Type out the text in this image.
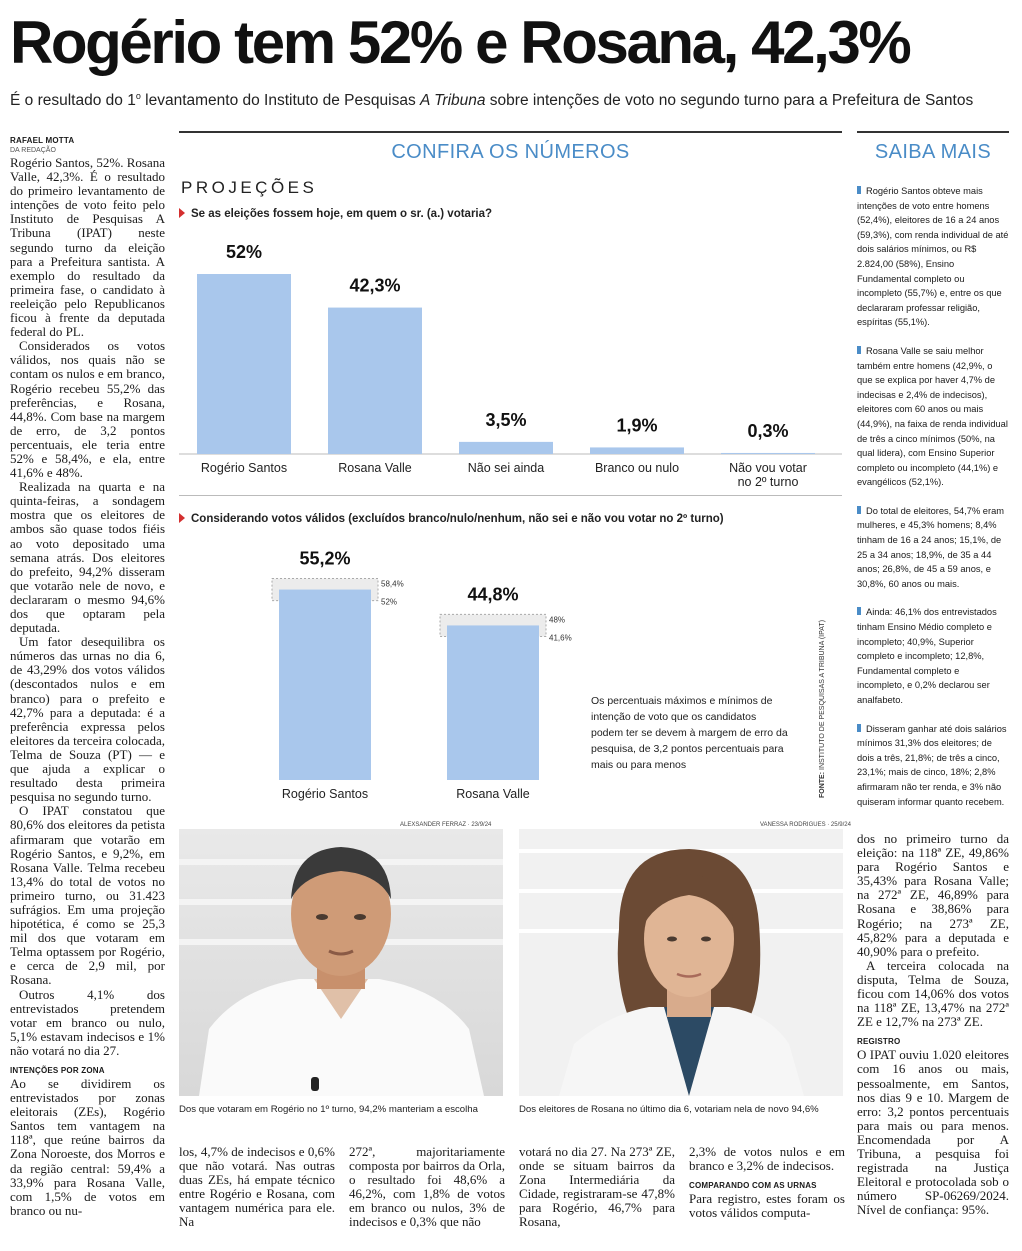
Rogério tem 52% e Rosana, 42,3%
É o resultado do 1$^o$ levantamento do Instituto de Pesquisas A Tribuna sobre intenções de voto no segundo turno para a Prefeitura de Santos
RAFAEL MOTTA
DA REDAÇÃO

Rogério Santos, 52%. Rosana Valle, 42,3%. É o resultado do primeiro levantamento de intenções de voto feito pelo Instituto de Pesquisas A Tribuna (IPAT) neste segundo turno da eleição para a Prefeitura santista. A exemplo do resultado da primeira fase, o candidato à reeleição pelo Republicanos ficou à frente da deputada federal do PL.

Considerados os votos válidos, nos quais não se contam os nulos e em branco, Rogério recebeu 55,2% das preferências, e Rosana, 44,8%. Com base na margem de erro, de 3,2 pontos percentuais, ele teria entre 52% e 58,4%, e ela, entre 41,6% e 48%.

Realizada na quarta e na quinta-feiras, a sondagem mostra que os eleitores de ambos são quase todos fiéis ao voto depositado uma semana atrás. Dos eleitores do prefeito, 94,2% disseram que votarão nele de novo, e declararam o mesmo 94,6% dos que optaram pela deputada.

Um fator desequilibra os números das urnas no dia 6, de 43,29% dos votos válidos (descontados nulos e em branco) para o prefeito e 42,7% para a deputada: é a preferência expressa pelos eleitores da terceira colocada, Telma de Souza (PT) — e que ajuda a explicar o resultado desta primeira pesquisa no segundo turno.

O IPAT constatou que 80,6% dos eleitores da petista afirmaram que votarão em Rogério Santos, e 9,2%, em Rosana Valle. Telma recebeu 13,4% do total de votos no primeiro turno, ou 31.423 sufrágios. Em uma projeção hipotética, é como se 25,3 mil dos que votaram em Telma optassem por Rogério, e cerca de 2,9 mil, por Rosana.

Outros 4,1% dos entrevistados pretendem votar em branco ou nulo, 5,1% estavam indecisos e 1% não votará no dia 27.

INTENÇÕES POR ZONA

Ao se dividirem os entrevistados por zonas eleitorais (ZEs), Rogério Santos tem vantagem na 118ª, que reúne bairros da Zona Noroeste, dos Morros e da região central: 59,4% a 33,9% para Rosana Valle, com 1,5% de votos em branco ou nu-

CONFIRA OS NÚMEROS
PROJEÇÕES
Se as eleições fossem hoje, em quem o sr. (a.) votaria?
52%
Rogério Santos
42,3%
Rosana Valle
3,5%
Não sei ainda
1,9%
Branco ou nulo
0,3%
Não vou votar
no 2º turno
Considerando votos válidos (excluídos branco/nulo/nenhum, não sei e não vou votar no 2º turno)
55,2%
58,4%
52%
Rogério Santos
44,8%
48%
41,6%
Rosana Valle
Os percentuais máximos e mínimos de intenção de voto que os candidatos podem ter se devem à margem de erro da pesquisa, de 3,2 pontos percentuais para mais ou para menos
FONTE: INSTITUTO DE PESQUISAS A TRIBUNA (IPAT)
SAIBA MAIS
Rogério Santos obteve mais intenções de voto entre homens (52,4%), eleitores de 16 a 24 anos (59,3%), com renda individual de até dois salários mínimos, ou R$ 2.824,00 (58%), Ensino Fundamental completo ou incompleto (55,7%) e, entre os que declararam professar religião, espíritas (55,1%).
Rosana Valle se saiu melhor também entre homens (42,9%, o que se explica por haver 4,7% de indecisas e 2,4% de indecisos), eleitores com 60 anos ou mais (44,9%), na faixa de renda individual de três a cinco mínimos (50%, na qual lidera), com Ensino Superior completo ou incompleto (44,1%) e evangélicos (52,1%).
Do total de eleitores, 54,7% eram mulheres, e 45,3% homens; 8,4% tinham de 16 a 24 anos; 15,1%, de 25 a 34 anos; 18,9%, de 35 a 44 anos; 26,8%, de 45 a 59 anos, e 30,8%, 60 anos ou mais.
Ainda: 46,1% dos entrevistados tinham Ensino Médio completo e incompleto; 40,9%, Superior completo e incompleto; 12,8%, Fundamental completo e incompleto, e 0,2% declarou ser analfabeto.
Disseram ganhar até dois salários mínimos 31,3% dos eleitores; de dois a três, 21,8%; de três a cinco, 23,1%; mais de cinco, 18%; 2,8% afirmaram não ter renda, e 3% não quiseram informar quanto recebem.

dos no primeiro turno da eleição: na 118ª ZE, 49,86% para Rogério Santos e 35,43% para Rosana Valle; na 272ª ZE, 46,89% para Rosana e 38,86% para Rogério; na 273ª ZE, 45,82% para a deputada e 40,90% para o prefeito.

A terceira colocada na disputa, Telma de Souza, ficou com 14,06% dos votos na 118ª ZE, 13,47% na 272ª ZE e 12,7% na 273ª ZE.

REGISTRO

O IPAT ouviu 1.020 eleitores com 16 anos ou mais, pessoalmente, em Santos, nos dias 9 e 10. Margem de erro: 3,2 pontos percentuais para mais ou para menos. Encomendada por A Tribuna, a pesquisa foi registrada na Justiça Eleitoral e protocolada sob o número SP-06269/2024. Nível de confiança: 95%.

ALEXSANDER FERRAZ · 23/9/24	VANESSA RODRIGUES · 25/9/24
Dos que votaram em Rogério no 1º turno, 94,2% manteriam a escolha	Dos eleitores de Rosana no último dia 6, votariam nela de novo 94,6%

los, 4,7% de indecisos e 0,6% que não votará. Nas outras duas ZEs, há empate técnico entre Rogério e Rosana, com vantagem numérica para ele. Na

272ª, majoritariamente composta por bairros da Orla, o resultado foi 48,6% a 46,2%, com 1,8% de votos em branco ou nulos, 3% de indecisos e 0,3% que não

votará no dia 27. Na 273ª ZE, onde se situam bairros da Zona Intermediária da Cidade, registraram-se 47,8% para Rogério, 46,7% para Rosana,

2,3% de votos nulos e em branco e 3,2% de indecisos.

COMPARANDO COM AS URNAS

Para registro, estes foram os votos válidos computa-
